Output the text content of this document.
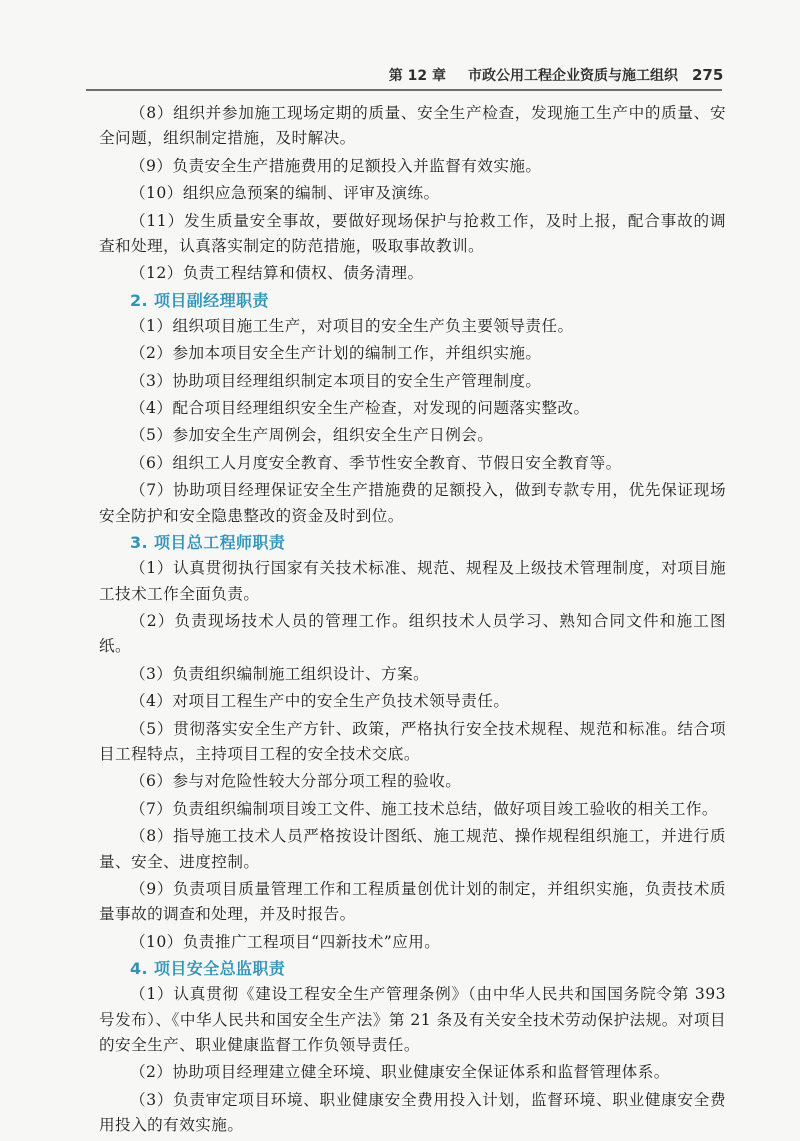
第 12 章 市政公用工程企业资质与施工组织 275
（8）组织并参加施工现场定期的质量、安全生产检查，发现施工生产中的质量、安全问题，组织制定措施，及时解决。
（9）负责安全生产措施费用的足额投入并监督有效实施。
（10）组织应急预案的编制、评审及演练。
（11）发生质量安全事故，要做好现场保护与抢救工作，及时上报，配合事故的调查和处理，认真落实制定的防范措施，吸取事故教训。
（12）负责工程结算和债权、债务清理。
2. 项目副经理职责
（1）组织项目施工生产，对项目的安全生产负主要领导责任。
（2）参加本项目安全生产计划的编制工作，并组织实施。
（3）协助项目经理组织制定本项目的安全生产管理制度。
（4）配合项目经理组织安全生产检查，对发现的问题落实整改。
（5）参加安全生产周例会，组织安全生产日例会。
（6）组织工人月度安全教育、季节性安全教育、节假日安全教育等。
（7）协助项目经理保证安全生产措施费的足额投入，做到专款专用，优先保证现场安全防护和安全隐患整改的资金及时到位。
3. 项目总工程师职责
（1）认真贯彻执行国家有关技术标准、规范、规程及上级技术管理制度，对项目施工技术工作全面负责。
（2）负责现场技术人员的管理工作。组织技术人员学习、熟知合同文件和施工图纸。
（3）负责组织编制施工组织设计、方案。
（4）对项目工程生产中的安全生产负技术领导责任。
（5）贯彻落实安全生产方针、政策，严格执行安全技术规程、规范和标准。结合项目工程特点，主持项目工程的安全技术交底。
（6）参与对危险性较大分部分项工程的验收。
（7）负责组织编制项目竣工文件、施工技术总结，做好项目竣工验收的相关工作。
（8）指导施工技术人员严格按设计图纸、施工规范、操作规程组织施工，并进行质量、安全、进度控制。
（9）负责项目质量管理工作和工程质量创优计划的制定，并组织实施，负责技术质量事故的调查和处理，并及时报告。
（10）负责推广工程项目“四新技术”应用。
4. 项目安全总监职责
（1）认真贯彻《建设工程安全生产管理条例》（由中华人民共和国国务院令第 393 号发布）、《中华人民共和国安全生产法》第 21 条及有关安全技术劳动保护法规。对项目的安全生产、职业健康监督工作负领导责任。
（2）协助项目经理建立健全环境、职业健康安全保证体系和监督管理体系。
（3）负责审定项目环境、职业健康安全费用投入计划，监督环境、职业健康安全费用投入的有效实施。
